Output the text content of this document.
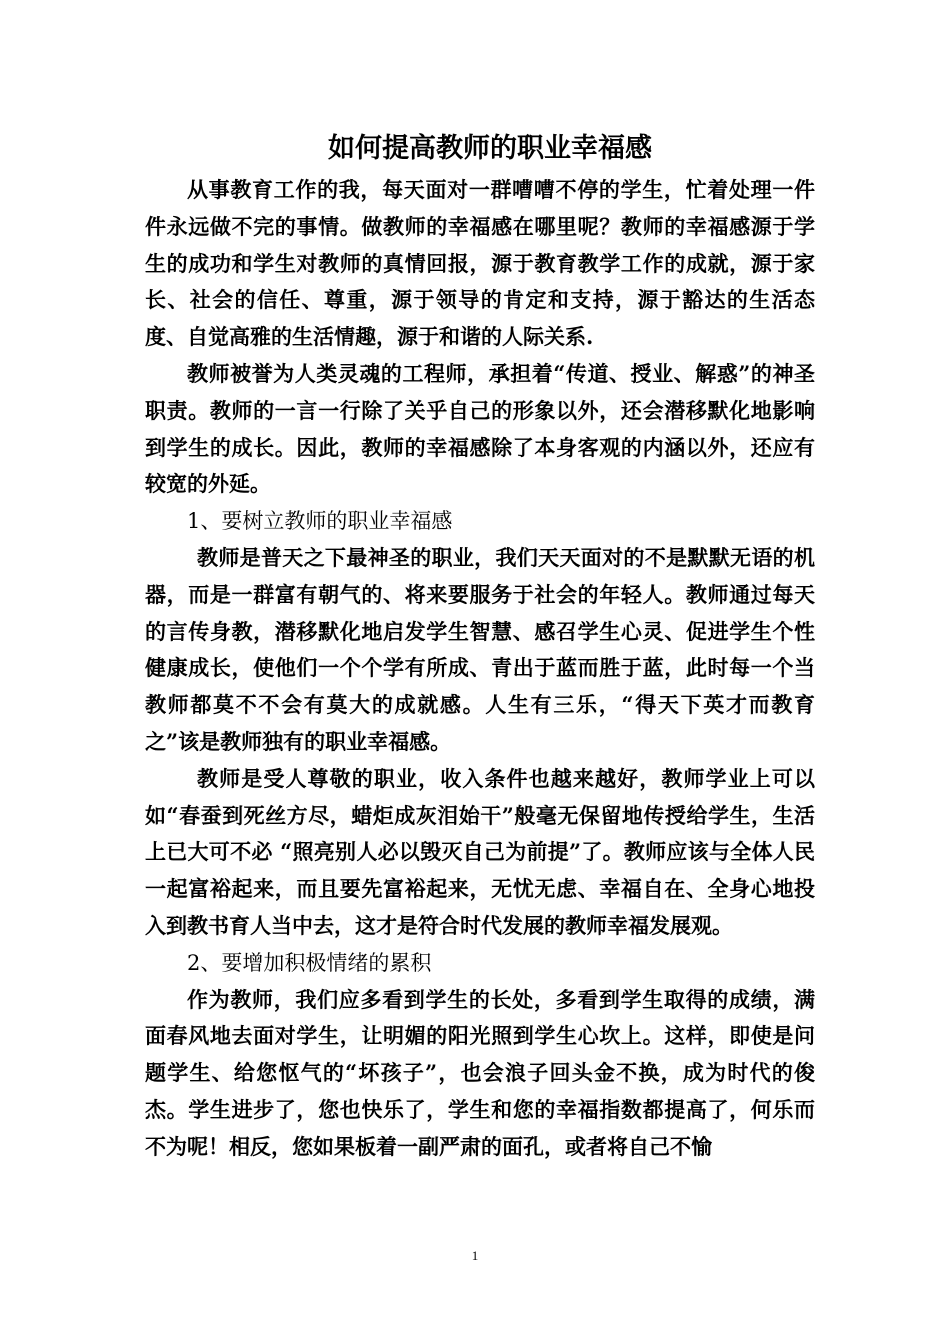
如何提高教师的职业幸福感

从事教育工作的我，每天面对一群嘈嘈不停的学生，忙着处理一件件永远做不完的事情。做教师的幸福感在哪里呢？教师的幸福感源于学生的成功和学生对教师的真情回报，源于教育教学工作的成就，源于家长、社会的信任、尊重，源于领导的肯定和支持，源于豁达的生活态度、自觉高雅的生活情趣，源于和谐的人际关系.

教师被誉为人类灵魂的工程师，承担着“传道、授业、解惑”的神圣职责。教师的一言一行除了关乎自己的形象以外，还会潜移默化地影响到学生的成长。因此，教师的幸福感除了本身客观的内涵以外，还应有较宽的外延。

1、要树立教师的职业幸福感

教师是普天之下最神圣的职业，我们天天面对的不是默默无语的机器，而是一群富有朝气的、将来要服务于社会的年轻人。教师通过每天的言传身教，潜移默化地启发学生智慧、感召学生心灵、促进学生个性健康成长，使他们一个个学有所成、青出于蓝而胜于蓝，此时每一个当教师都莫不不会有莫大的成就感。人生有三乐，“得天下英才而教育之”该是教师独有的职业幸福感。

教师是受人尊敬的职业，收入条件也越来越好，教师学业上可以如“春蚕到死丝方尽，蜡炬成灰泪始干”般毫无保留地传授给学生，生活上已大可不必 “照亮别人必以毁灭自己为前提”了。教师应该与全体人民一起富裕起来，而且要先富裕起来，无忧无虑、幸福自在、全身心地投入到教书育人当中去，这才是符合时代发展的教师幸福发展观。

2、要增加积极情绪的累积

作为教师，我们应多看到学生的长处，多看到学生取得的成绩，满面春风地去面对学生，让明媚的阳光照到学生心坎上。这样，即使是问题学生、给您怄气的“坏孩子”，也会浪子回头金不换，成为时代的俊杰。学生进步了，您也快乐了，学生和您的幸福指数都提高了，何乐而不为呢！相反，您如果板着一副严肃的面孔，或者将自己不愉

1
